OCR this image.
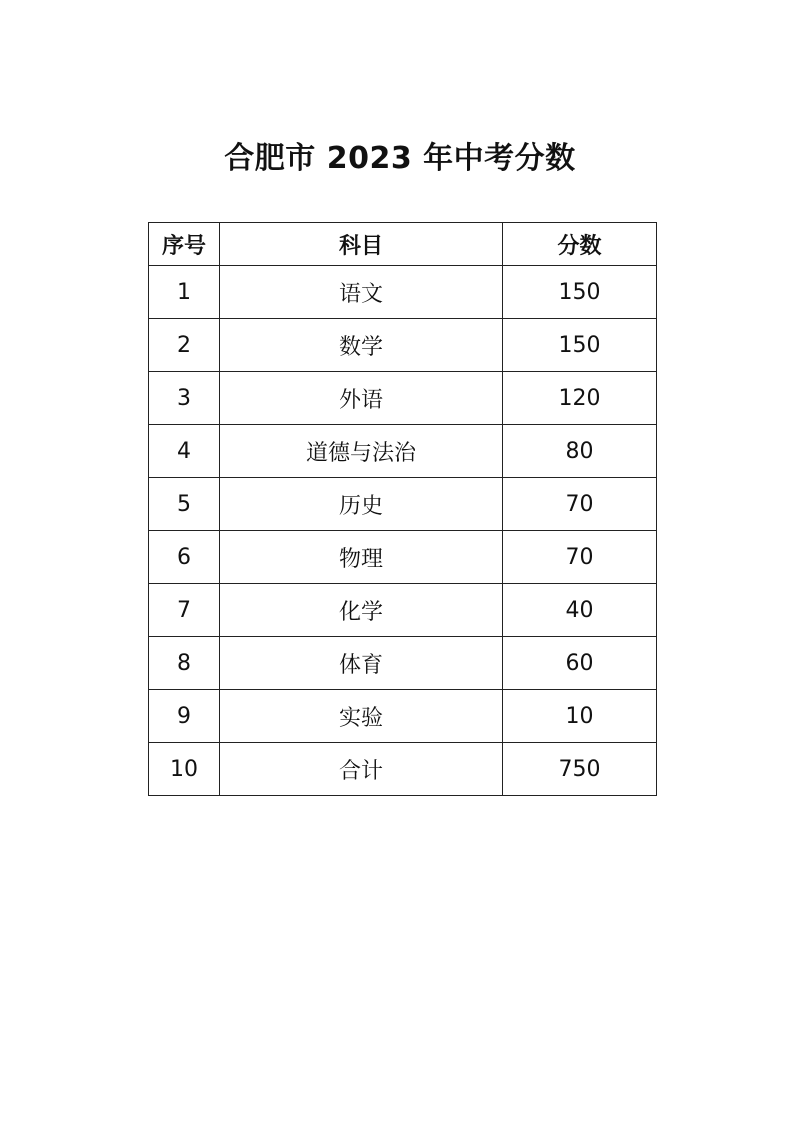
合肥市 2023 年中考分数
序号	科目	分数
1	语文	150
2	数学	150
3	外语	120
4	道德与法治	80
5	历史	70
6	物理	70
7	化学	40
8	体育	60
9	实验	10
10	合计	750
